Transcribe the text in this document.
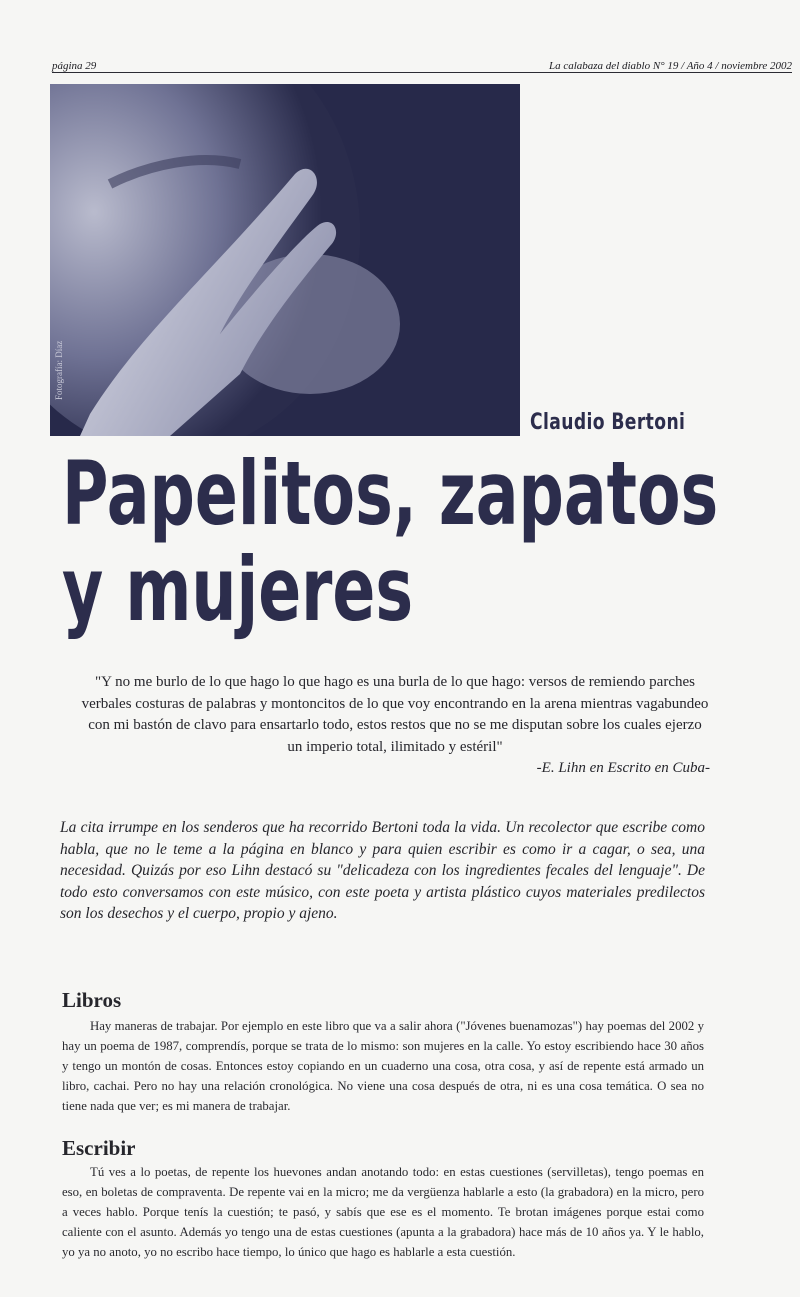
página 29	La calabaza del diablo N° 19 / Año 4 / noviembre 2002
Fotografía: Díaz
Claudio Bertoni
Papelitos, zapatos
y mujeres
"Y no me burlo de lo que hago lo que hago es una burla de lo que hago: versos de remiendo parches verbales costuras de palabras y montoncitos de lo que voy encontrando en la arena mientras vagabundeo con mi bastón de clavo para ensartarlo todo, estos restos que no se me disputan sobre los cuales ejerzo un imperio total, ilimitado y estéril"
-E. Lihn en Escrito en Cuba-
La cita irrumpe en los senderos que ha recorrido Bertoni toda la vida. Un recolector que escribe como habla, que no le teme a la página en blanco y para quien escribir es como ir a cagar, o sea, una necesidad. Quizás por eso Lihn destacó su "delicadeza con los ingredientes fecales del lenguaje". De todo esto conversamos con este músico, con este poeta y artista plástico cuyos materiales predilectos son los desechos y el cuerpo, propio y ajeno.
Libros
Hay maneras de trabajar. Por ejemplo en este libro que va a salir ahora ("Jóvenes buenamozas") hay poemas del 2002 y hay un poema de 1987, comprendís, porque se trata de lo mismo: son mujeres en la calle. Yo estoy escribiendo hace 30 años y tengo un montón de cosas. Entonces estoy copiando en un cuaderno una cosa, otra cosa, y así de repente está armado un libro, cachai. Pero no hay una relación cronológica. No viene una cosa después de otra, ni es una cosa temática. O sea no tiene nada que ver; es mi manera de trabajar.
Escribir
Tú ves a lo poetas, de repente los huevones andan anotando todo: en estas cuestiones (servilletas), tengo poemas en eso, en boletas de compraventa. De repente vai en la micro; me da vergüenza hablarle a esto (la grabadora) en la micro, pero a veces hablo. Porque tenís la cuestión; te pasó, y sabís que ese es el momento. Te brotan imágenes porque estai como caliente con el asunto. Además yo tengo una de estas cuestiones (apunta a la grabadora) hace más de 10 años ya. Y le hablo, yo ya no anoto, yo no escribo hace tiempo, lo único que hago es hablarle a esta cuestión.
